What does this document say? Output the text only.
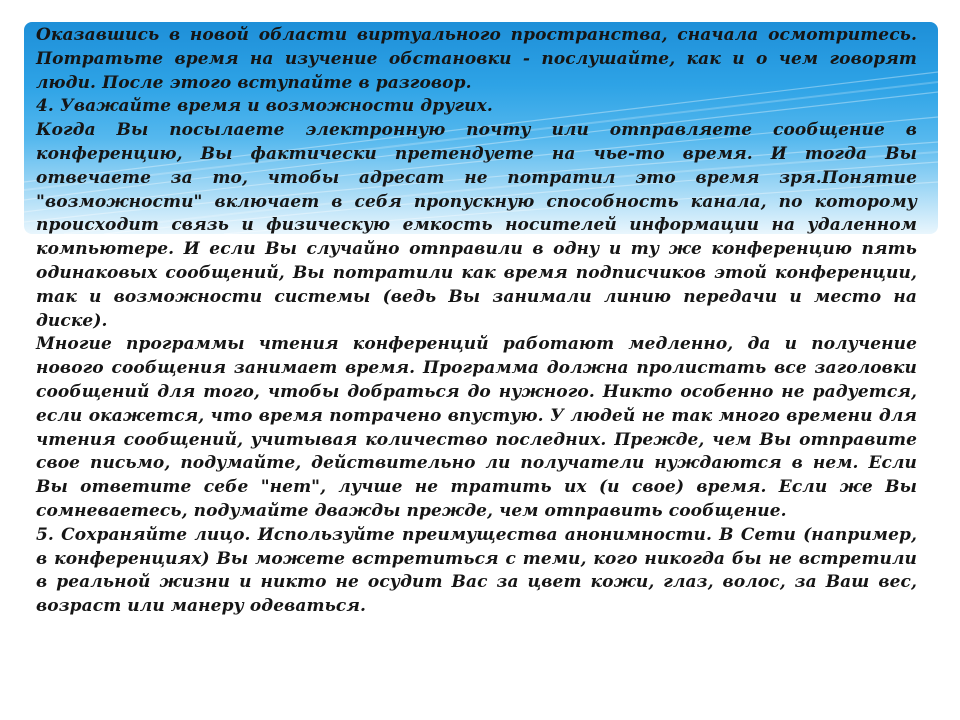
Оказавшись в новой области виртуального пространства, сначала осмотритесь. Потратьте время на изучение обстановки - послушайте, как и о чем говорят люди. После этого вступайте в разговор.

4. Уважайте время и возможности других.

Когда Вы посылаете электронную почту или отправляете сообщение в конференцию, Вы фактически претендуете на чье-то время. И тогда Вы отвечаете за то, чтобы адресат не потратил это время зря.Понятие "возможности" включает в себя пропускную способность канала, по которому происходит связь и физическую емкость носителей информации на удаленном компьютере. И если Вы случайно отправили в одну и ту же конференцию пять одинаковых сообщений, Вы потратили как время подписчиков этой конференции, так и возможности системы (ведь Вы занимали линию передачи и место на диске).

Многие программы чтения конференций работают медленно, да и получение нового сообщения занимает время. Программа должна пролистать все заголовки сообщений для того, чтобы добраться до нужного. Никто особенно не радуется, если окажется, что время потрачено впустую. У людей не так много времени для чтения сообщений, учитывая количество последних. Прежде, чем Вы отправите свое письмо, подумайте, действительно ли получатели нуждаются в нем. Если Вы ответите себе "нет", лучше не тратить их (и свое) время. Если же Вы сомневаетесь, подумайте дважды прежде, чем отправить сообщение.

5. Сохраняйте лицо. Используйте преимущества анонимности. В Сети (например, в конференциях) Вы можете встретиться с теми, кого никогда бы не встретили в реальной жизни и никто не осудит Вас за цвет кожи, глаз, волос, за Ваш вес, возраст или манеру одеваться.
